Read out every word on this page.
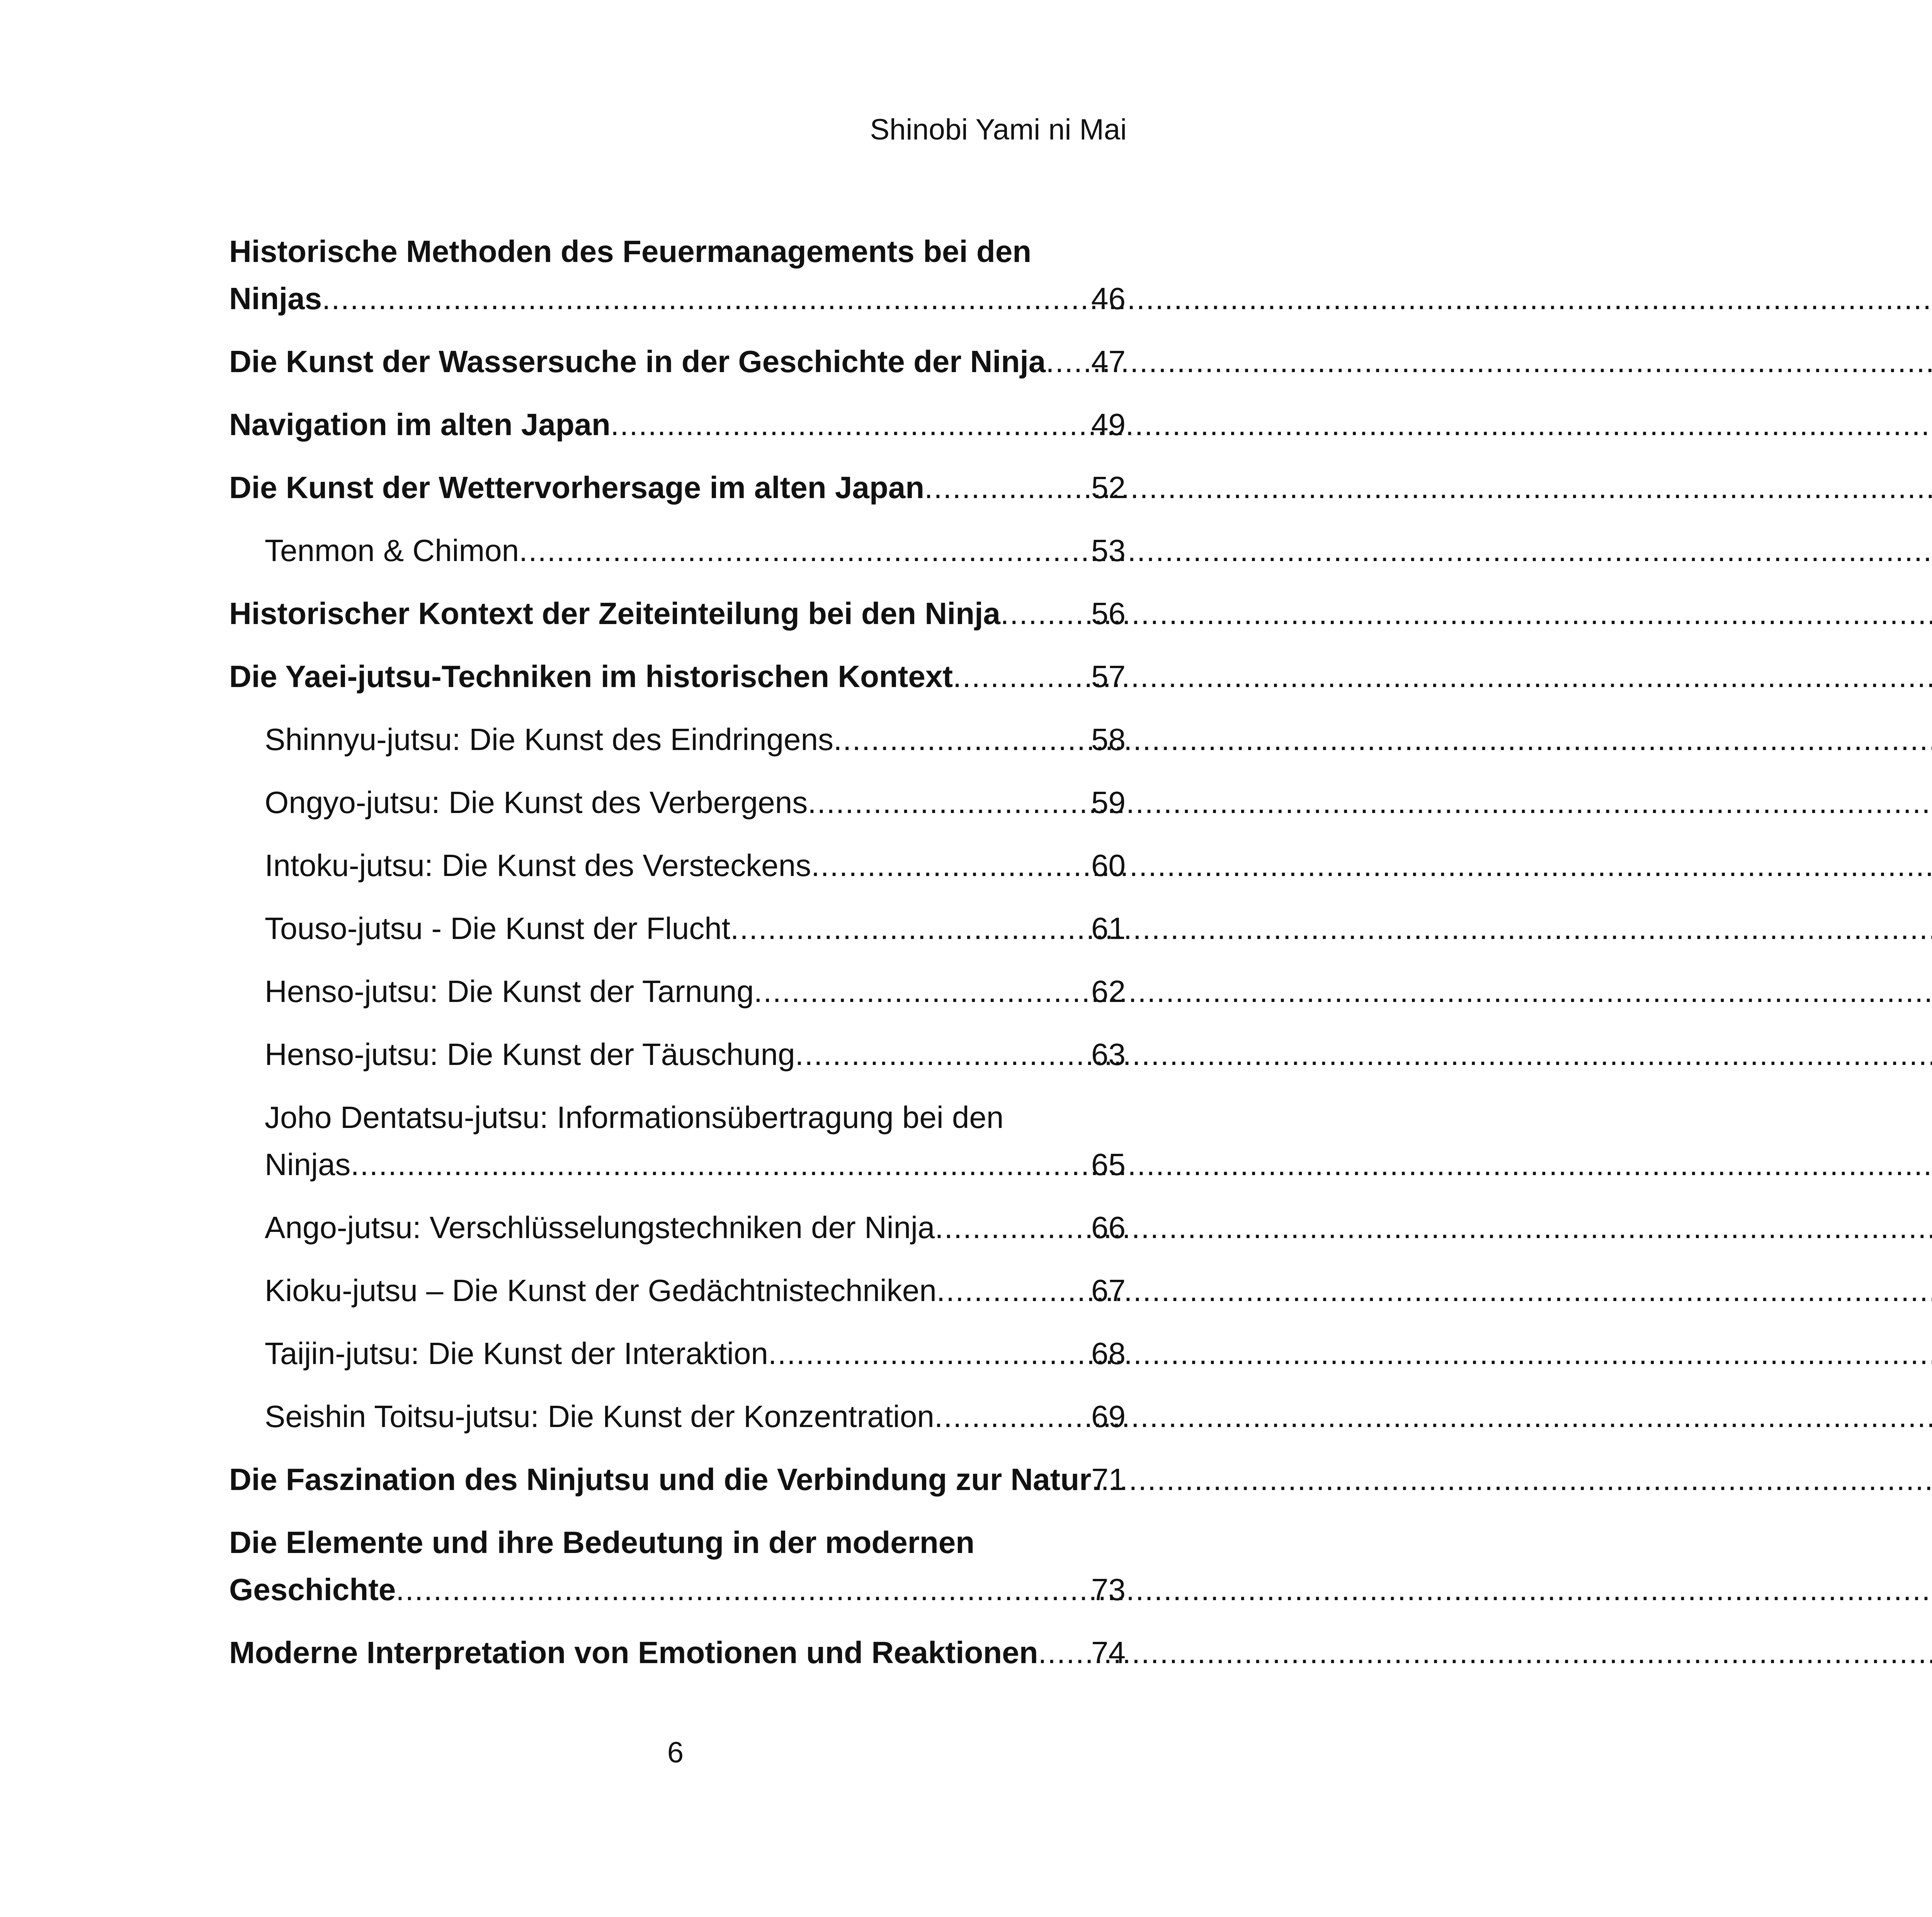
Shinobi Yami ni Mai
Historische Methoden des Feuermanagements bei den
Ninjas .....	46
Die Kunst der Wassersuche in der Geschichte der Ninja ..... 47
Navigation im alten Japan .....	49
Die Kunst der Wettervorhersage im alten Japan .....	52
Tenmon & Chimon .....	53
Historischer Kontext der Zeiteinteilung bei den Ninja .....	56
Die Yaei-jutsu-Techniken im historischen Kontext .....	57
Shinnyu-jutsu: Die Kunst des Eindringens .....	58
Ongyo-jutsu: Die Kunst des Verbergens .....	59
Intoku-jutsu: Die Kunst des Versteckens .....	60
Touso-jutsu - Die Kunst der Flucht .....	61
Henso-jutsu: Die Kunst der Tarnung .....	62
Henso-jutsu: Die Kunst der Täuschung .....	63
Joho Dentatsu-jutsu: Informationsübertragung bei den
Ninjas .....	65
Ango-jutsu: Verschlüsselungstechniken der Ninja .....	66
Kioku-jutsu – Die Kunst der Gedächtnistechniken .....	67
Taijin-jutsu: Die Kunst der Interaktion .....	68
Seishin Toitsu-jutsu: Die Kunst der Konzentration .....	69
Die Faszination des Ninjutsu und die Verbindung zur Natur 71
Die Elemente und ihre Bedeutung in der modernen
Geschichte .....	73
Moderne Interpretation von Emotionen und Reaktionen ..... 74
6
